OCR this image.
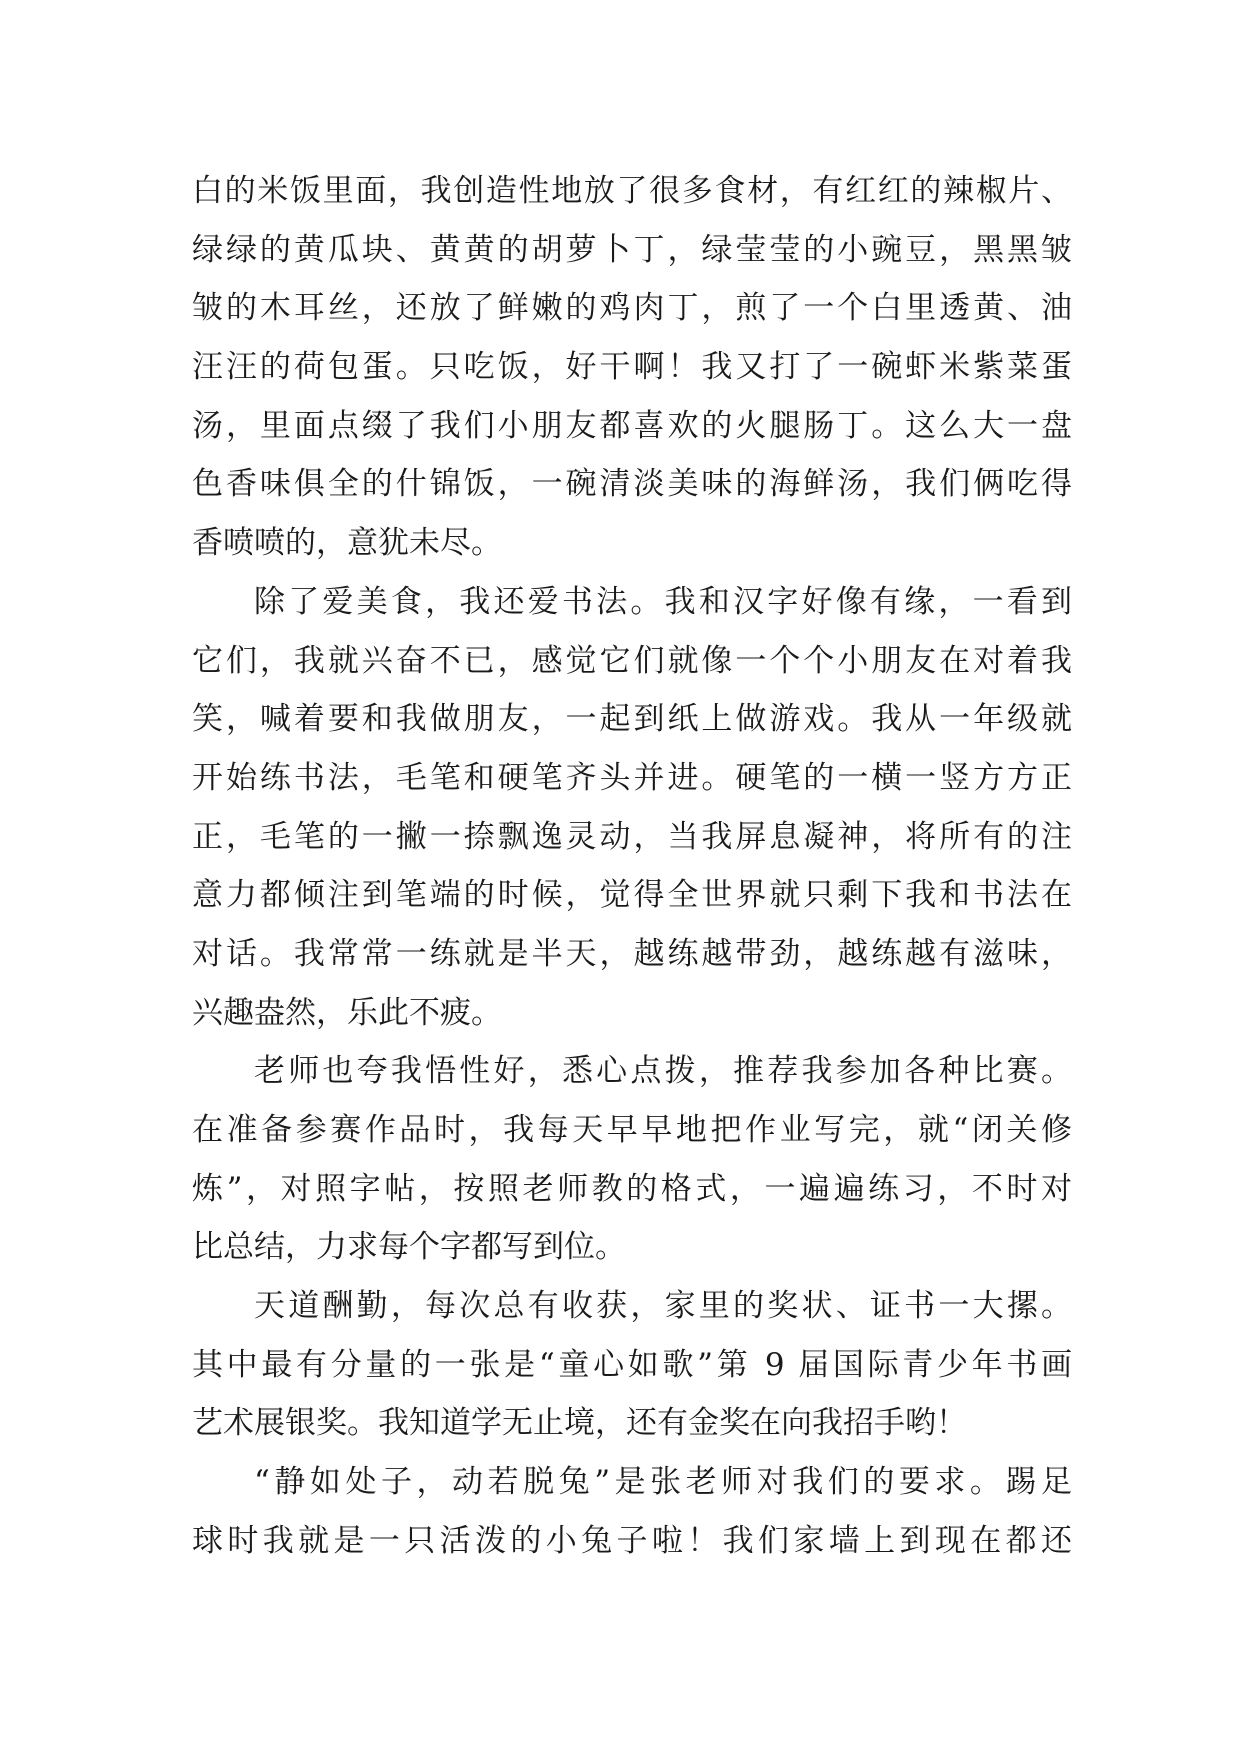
白的米饭里面，我创造性地放了很多食材，有红红的辣椒片、
绿绿的黄瓜块、黄黄的胡萝卜丁，绿莹莹的小豌豆，黑黑皱
皱的木耳丝，还放了鲜嫩的鸡肉丁，煎了一个白里透黄、油
汪汪的荷包蛋。只吃饭，好干啊！我又打了一碗虾米紫菜蛋
汤，里面点缀了我们小朋友都喜欢的火腿肠丁。这么大一盘
色香味俱全的什锦饭，一碗清淡美味的海鲜汤，我们俩吃得
香喷喷的，意犹未尽。
除了爱美食，我还爱书法。我和汉字好像有缘，一看到
它们，我就兴奋不已，感觉它们就像一个个小朋友在对着我
笑，喊着要和我做朋友，一起到纸上做游戏。我从一年级就
开始练书法，毛笔和硬笔齐头并进。硬笔的一横一竖方方正
正，毛笔的一撇一捺飘逸灵动，当我屏息凝神，将所有的注
意力都倾注到笔端的时候，觉得全世界就只剩下我和书法在
对话。我常常一练就是半天，越练越带劲，越练越有滋味，
兴趣盎然，乐此不疲。
老师也夸我悟性好，悉心点拨，推荐我参加各种比赛。
在准备参赛作品时，我每天早早地把作业写完，就“闭关修
炼”，对照字帖，按照老师教的格式，一遍遍练习，不时对
比总结，力求每个字都写到位。
天道酬勤，每次总有收获，家里的奖状、证书一大摞。
其中最有分量的一张是“童心如歌”第 9 届国际青少年书画
艺术展银奖。我知道学无止境，还有金奖在向我招手哟！
“静如处子，动若脱兔”是张老师对我们的要求。踢足
球时我就是一只活泼的小兔子啦！我们家墙上到现在都还
